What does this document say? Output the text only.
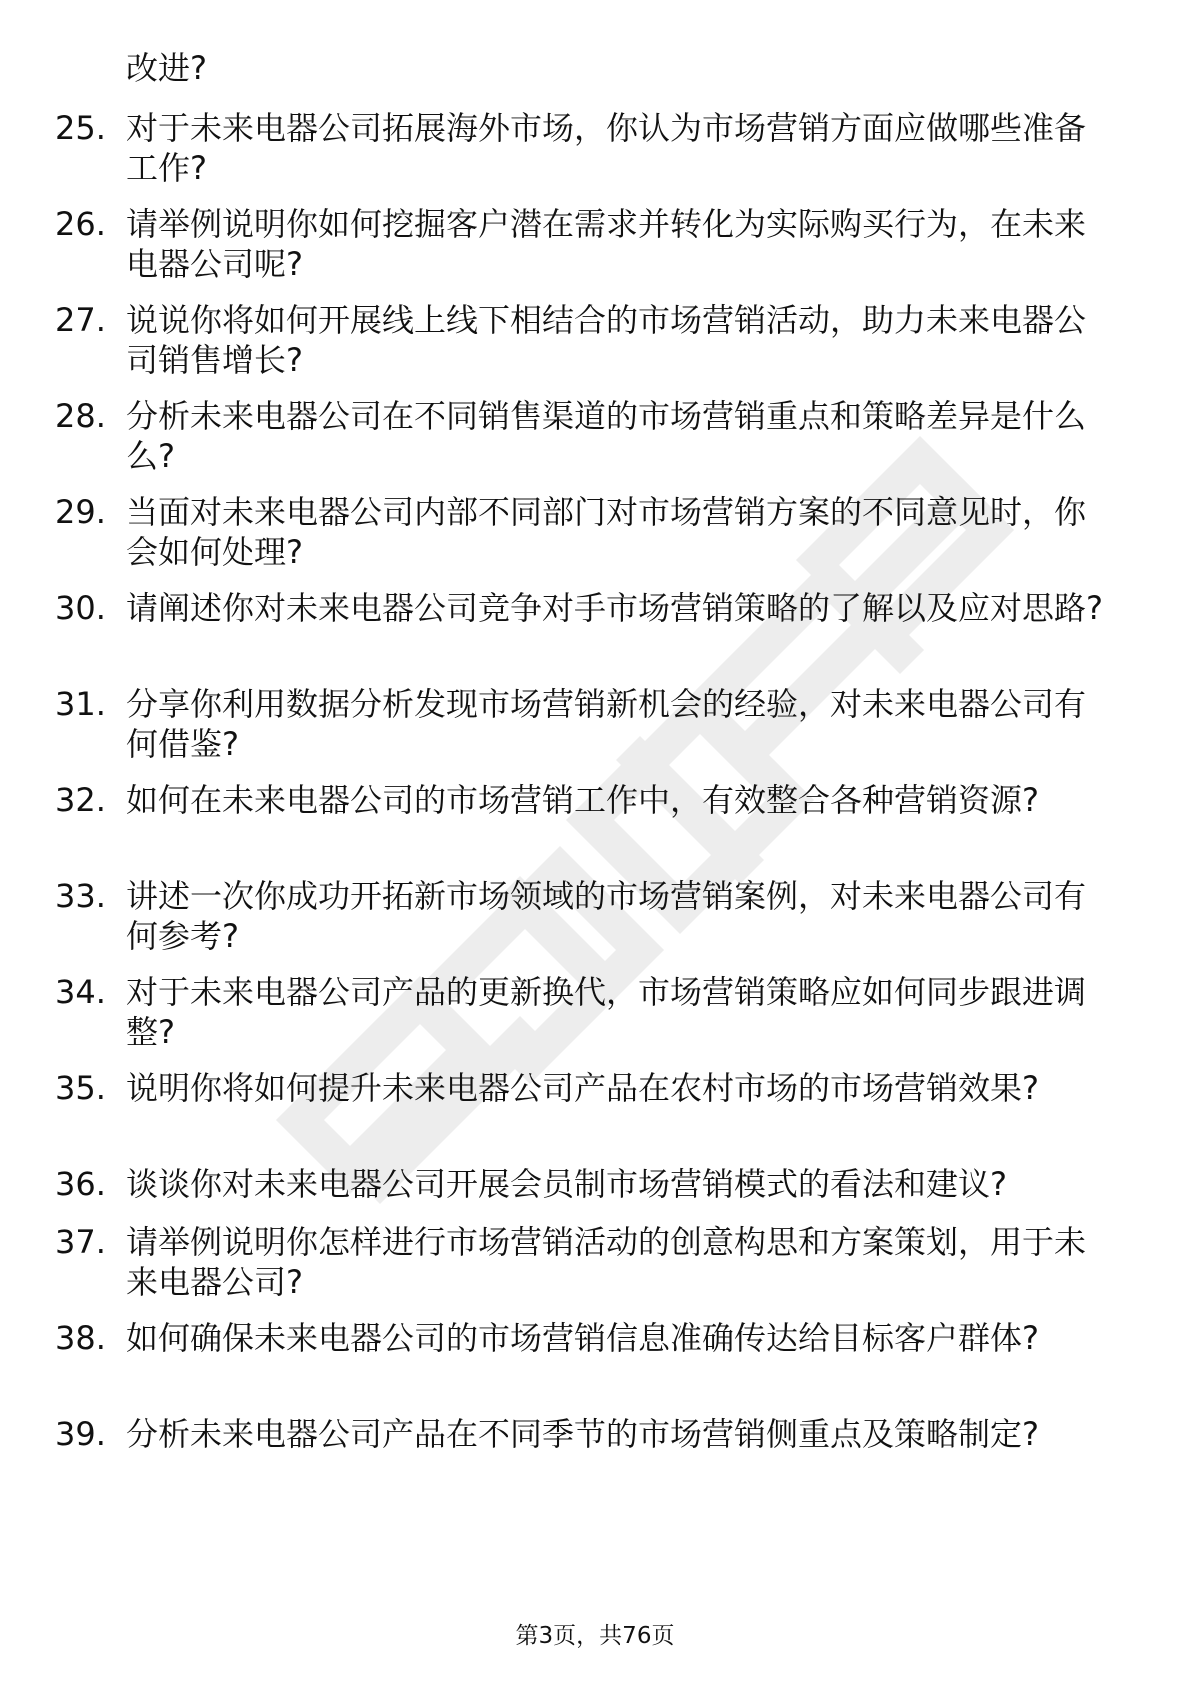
改进?

25. 对于未来电器公司拓展海外市场，你认为市场营销方面应做哪些准备工作?
26. 请举例说明你如何挖掘客户潜在需求并转化为实际购买行为，在未来电器公司呢?
27. 说说你将如何开展线上线下相结合的市场营销活动，助力未来电器公司销售增长?
28. 分析未来电器公司在不同销售渠道的市场营销重点和策略差异是什么么?
29. 当面对未来电器公司内部不同部门对市场营销方案的不同意见时，你会如何处理?
30. 请阐述你对未来电器公司竞争对手市场营销策略的了解以及应对思路?
31. 分享你利用数据分析发现市场营销新机会的经验，对未来电器公司有何借鉴?
32. 如何在未来电器公司的市场营销工作中，有效整合各种营销资源?
33. 讲述一次你成功开拓新市场领域的市场营销案例，对未来电器公司有何参考?
34. 对于未来电器公司产品的更新换代，市场营销策略应如何同步跟进调整?
35. 说明你将如何提升未来电器公司产品在农村市场的市场营销效果?
36. 谈谈你对未来电器公司开展会员制市场营销模式的看法和建议?
37. 请举例说明你怎样进行市场营销活动的创意构思和方案策划，用于未来电器公司?
38. 如何确保未来电器公司的市场营销信息准确传达给目标客户群体?
39. 分析未来电器公司产品在不同季节的市场营销侧重点及策略制定?
第3页，共76页
